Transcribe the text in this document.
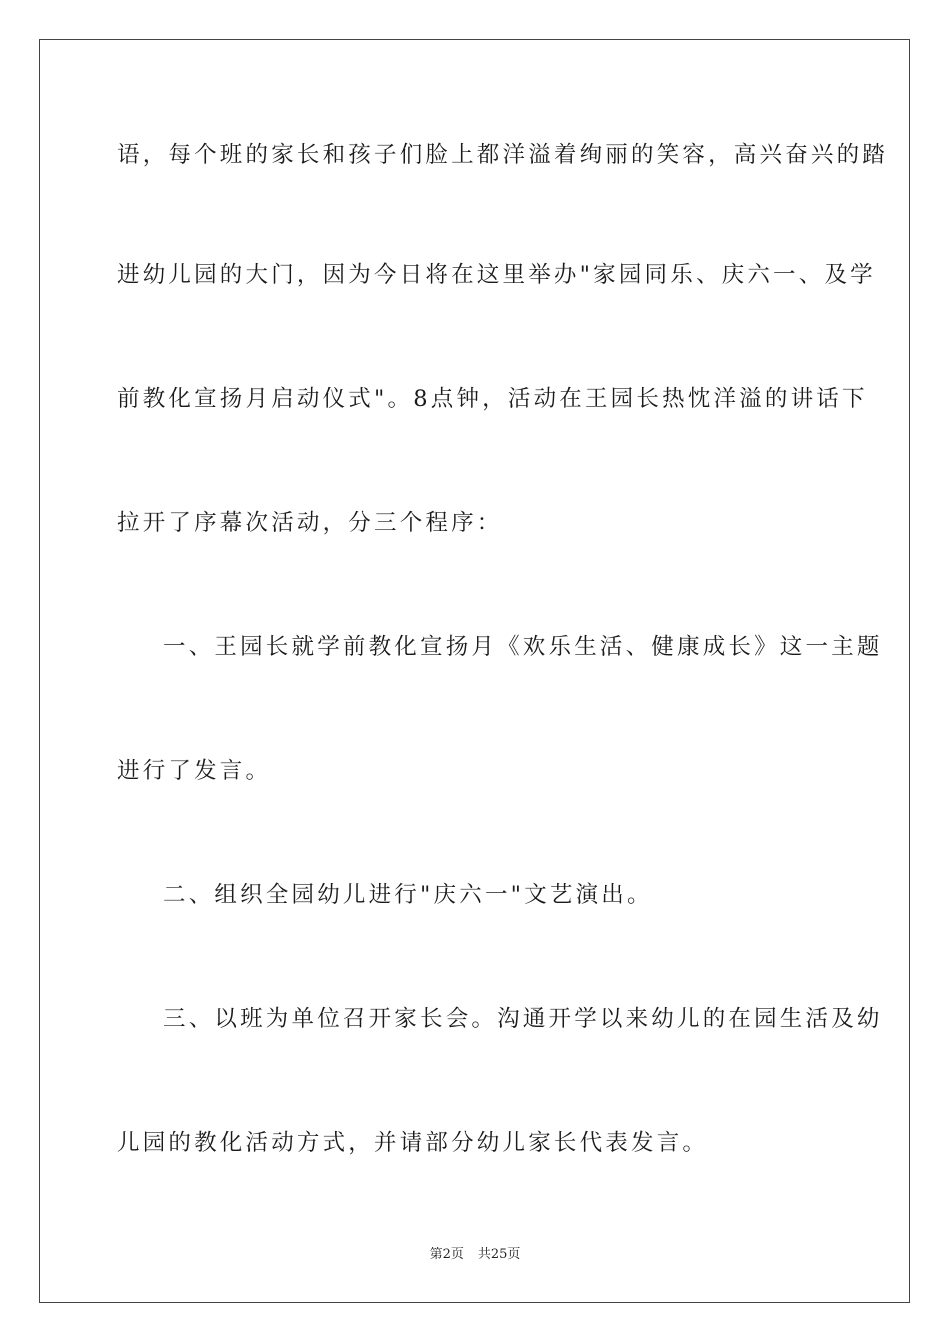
语，每个班的家长和孩子们脸上都洋溢着绚丽的笑容，高兴奋兴的踏
进幼儿园的大门，因为今日将在这里举办"家园同乐、庆六一、及学
前教化宣扬月启动仪式"。8点钟，活动在王园长热忱洋溢的讲话下
拉开了序幕次活动，分三个程序：
一、王园长就学前教化宣扬月《欢乐生活、健康成长》这一主题
进行了发言。
二、组织全园幼儿进行"庆六一"文艺演出。
三、以班为单位召开家长会。沟通开学以来幼儿的在园生活及幼
儿园的教化活动方式，并请部分幼儿家长代表发言。
第2页 共25页
